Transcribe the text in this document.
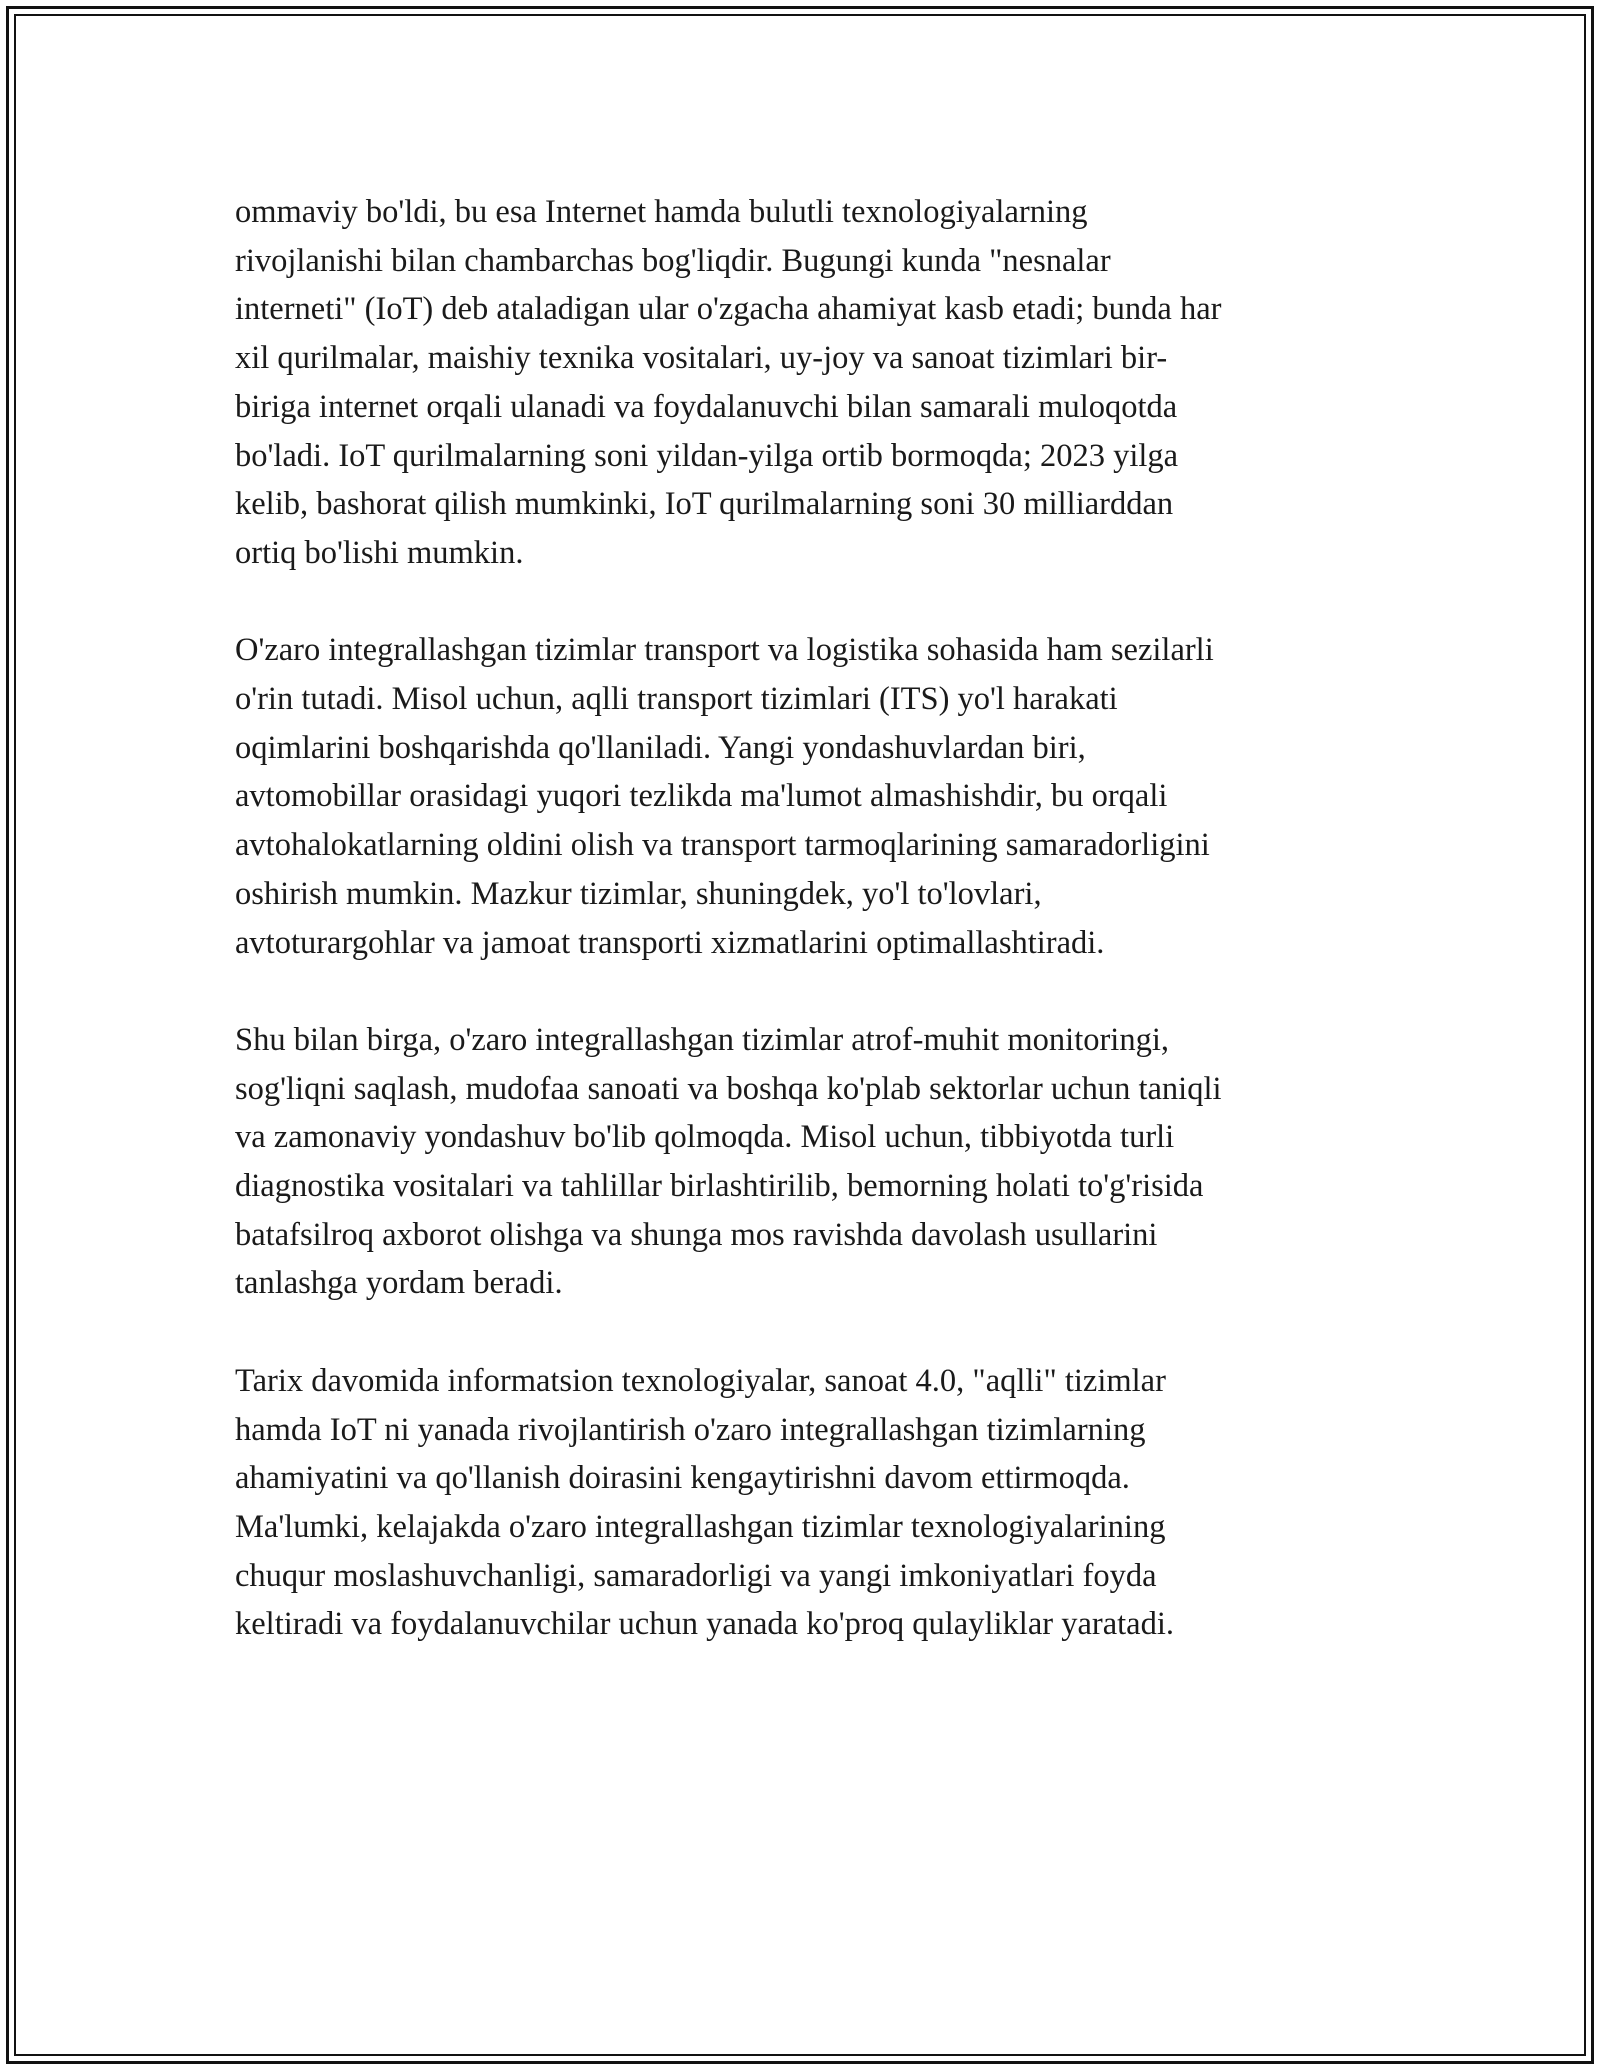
ommaviy bo'ldi, bu esa Internet hamda bulutli texnologiyalarning
rivojlanishi bilan chambarchas bog'liqdir. Bugungi kunda "nesnalar
interneti" (IoT) deb ataladigan ular o'zgacha ahamiyat kasb etadi; bunda har
xil qurilmalar, maishiy texnika vositalari, uy-joy va sanoat tizimlari bir-
biriga internet orqali ulanadi va foydalanuvchi bilan samarali muloqotda
bo'ladi. IoT qurilmalarning soni yildan-yilga ortib bormoqda; 2023 yilga
kelib, bashorat qilish mumkinki, IoT qurilmalarning soni 30 milliarddan
ortiq bo'lishi mumkin.

O'zaro integrallashgan tizimlar transport va logistika sohasida ham sezilarli
o'rin tutadi. Misol uchun, aqlli transport tizimlari (ITS) yo'l harakati
oqimlarini boshqarishda qo'llaniladi. Yangi yondashuvlardan biri,
avtomobillar orasidagi yuqori tezlikda ma'lumot almashishdir, bu orqali
avtohalokatlarning oldini olish va transport tarmoqlarining samaradorligini
oshirish mumkin. Mazkur tizimlar, shuningdek, yo'l to'lovlari,
avtoturargohlar va jamoat transporti xizmatlarini optimallashtiradi.

Shu bilan birga, o'zaro integrallashgan tizimlar atrof-muhit monitoringi,
sog'liqni saqlash, mudofaa sanoati va boshqa ko'plab sektorlar uchun taniqli
va zamonaviy yondashuv bo'lib qolmoqda. Misol uchun, tibbiyotda turli
diagnostika vositalari va tahlillar birlashtirilib, bemorning holati to'g'risida
batafsilroq axborot olishga va shunga mos ravishda davolash usullarini
tanlashga yordam beradi.

Tarix davomida informatsion texnologiyalar, sanoat 4.0, "aqlli" tizimlar
hamda IoT ni yanada rivojlantirish o'zaro integrallashgan tizimlarning
ahamiyatini va qo'llanish doirasini kengaytirishni davom ettirmoqda.
Ma'lumki, kelajakda o'zaro integrallashgan tizimlar texnologiyalarining
chuqur moslashuvchanligi, samaradorligi va yangi imkoniyatlari foyda
keltiradi va foydalanuvchilar uchun yanada ko'proq qulayliklar yaratadi.
